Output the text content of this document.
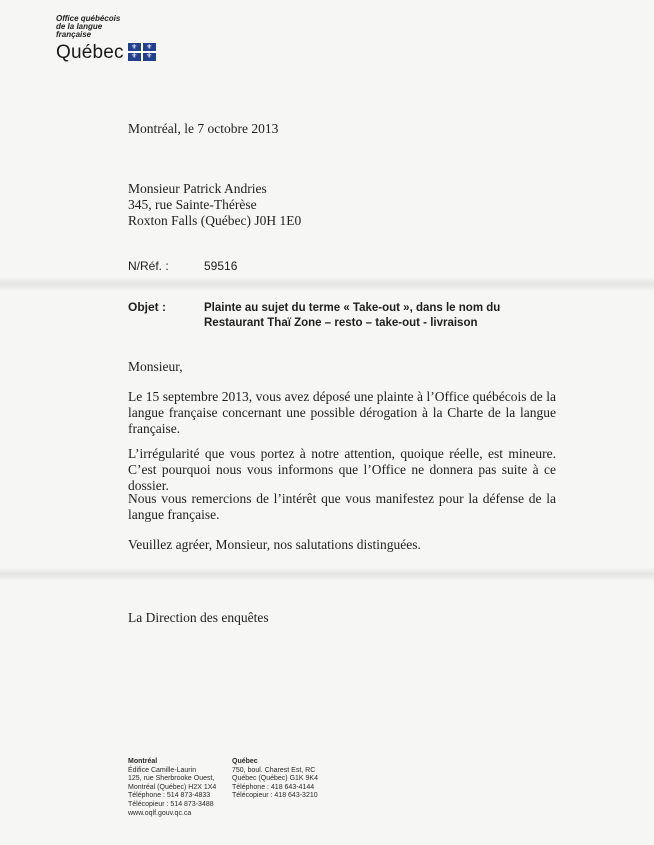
Office québécois
de la langue
française
Québec ⚜ ⚜
⚜ ⚜
Montréal, le 7 octobre 2013
Monsieur Patrick Andries
345, rue Sainte-Thérèse
Roxton Falls (Québec) J0H 1E0
N/Réf. :	59516
Objet :	Plainte au sujet du terme « Take-out », dans le nom du
Restaurant Thaï Zone – resto – take-out - livraison
Monsieur,
Le 15 septembre 2013, vous avez déposé une plainte à l’Office québécois de la langue française concernant une possible dérogation à la Charte de la langue française.
L’irrégularité que vous portez à notre attention, quoique réelle, est mineure. C’est pourquoi nous vous informons que l’Office ne donnera pas suite à ce dossier.
Nous vous remercions de l’intérêt que vous manifestez pour la défense de la langue française.
Veuillez agréer, Monsieur, nos salutations distinguées.
La Direction des enquêtes
Montréal
Édifice Camille-Laurin
125, rue Sherbrooke Ouest,
Montréal (Québec) H2X 1X4
Téléphone : 514 873-4833
Télécopieur : 514 873-3488
www.oqlf.gouv.qc.ca
Québec
750, boul. Charest Est, RC
Québec (Québec) G1K 9K4
Téléphone : 418 643-4144
Télécopieur : 418 643-3210
